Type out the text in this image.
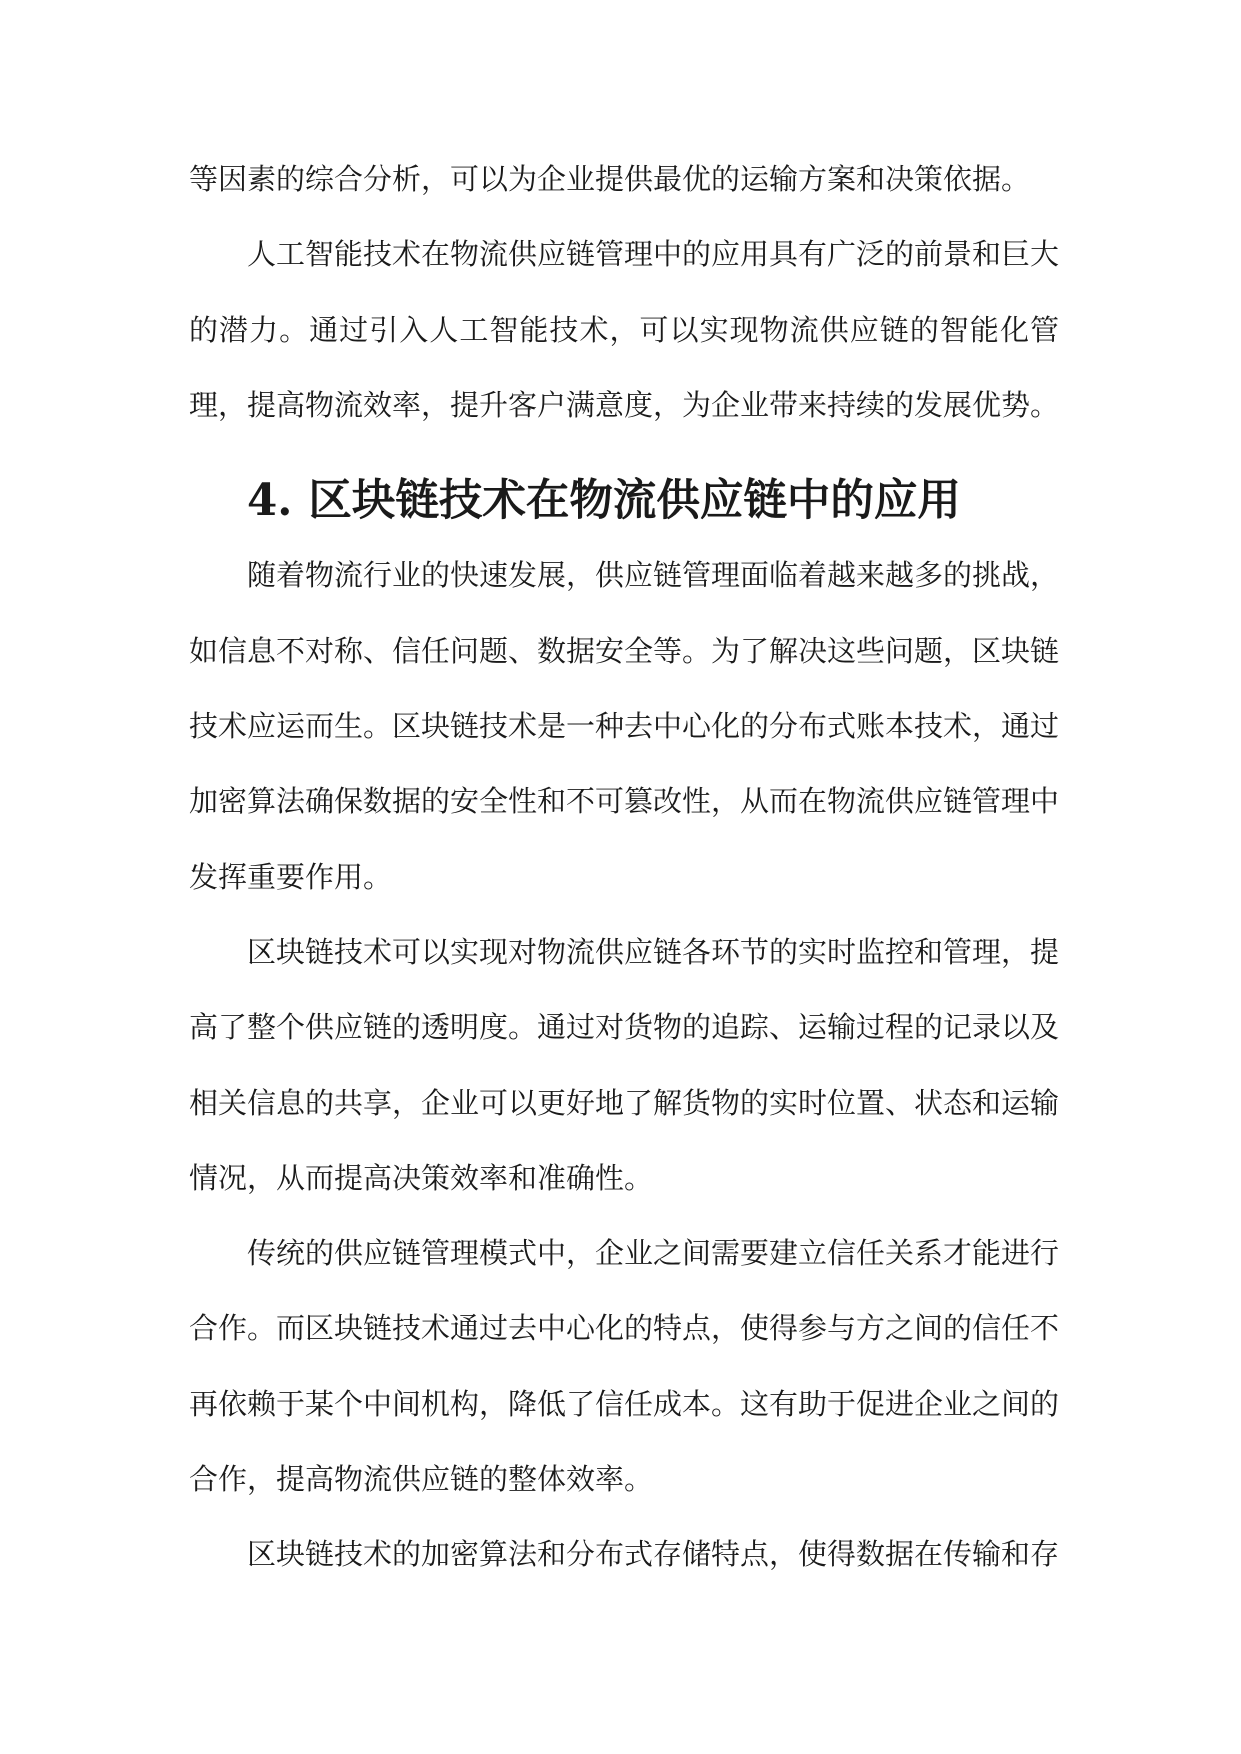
等因素的综合分析，可以为企业提供最优的运输方案和决策依据。

人工智能技术在物流供应链管理中的应用具有广泛的前景和巨大的潜力。通过引入人工智能技术，可以实现物流供应链的智能化管理，提高物流效率，提升客户满意度，为企业带来持续的发展优势。

4. 区块链技术在物流供应链中的应用

随着物流行业的快速发展，供应链管理面临着越来越多的挑战，如信息不对称、信任问题、数据安全等。为了解决这些问题，区块链技术应运而生。区块链技术是一种去中心化的分布式账本技术，通过加密算法确保数据的安全性和不可篡改性，从而在物流供应链管理中发挥重要作用。

区块链技术可以实现对物流供应链各环节的实时监控和管理，提高了整个供应链的透明度。通过对货物的追踪、运输过程的记录以及相关信息的共享，企业可以更好地了解货物的实时位置、状态和运输情况，从而提高决策效率和准确性。

传统的供应链管理模式中，企业之间需要建立信任关系才能进行合作。而区块链技术通过去中心化的特点，使得参与方之间的信任不再依赖于某个中间机构，降低了信任成本。这有助于促进企业之间的合作，提高物流供应链的整体效率。

区块链技术的加密算法和分布式存储特点，使得数据在传输和存
